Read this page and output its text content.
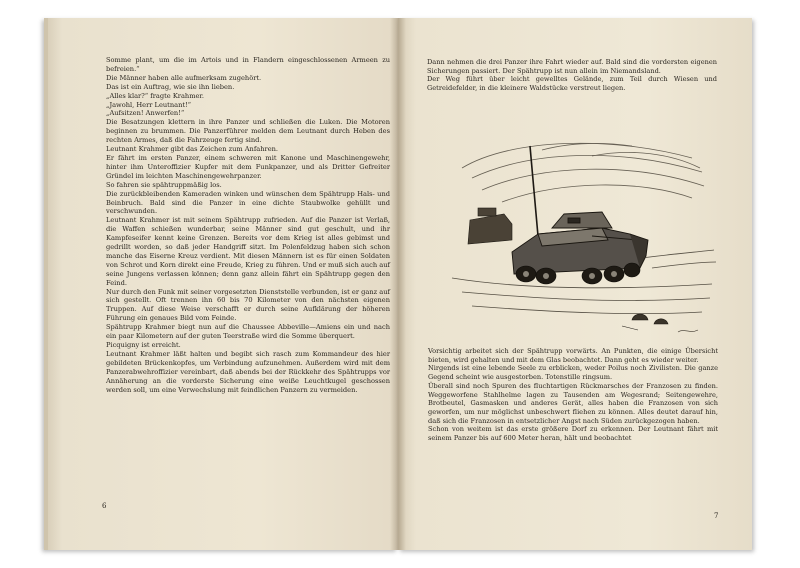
Somme plant, um die im Artois und in Flandern eingeschlossenen Armeen zu befreien.“

Die Männer haben alle aufmerksam zugehört.

Das ist ein Auftrag, wie sie ihn lieben.

„Alles klar?“ fragte Krahmer.

„Jawohl, Herr Leutnant!“

„Aufsitzen! Anwerfen!“

Die Besatzungen klettern in ihre Panzer und schließen die Luken. Die Motoren beginnen zu brummen. Die Panzerführer melden dem Leutnant durch Heben des rechten Armes, daß die Fahrzeuge fertig sind.

Leutnant Krahmer gibt das Zeichen zum Anfahren.

Er fährt im ersten Panzer, einem schweren mit Kanone und Maschinengewehr, hinter ihm Unteroffizier Kupfer mit dem Funkpanzer, und als Dritter Gefreiter Gründel im leichten Maschinengewehrpanzer.

So fahren sie spähtruppmäßig los.

Die zurückbleibenden Kameraden winken und wünschen dem Spähtrupp Hals- und Beinbruch. Bald sind die Panzer in eine dichte Staubwolke gehüllt und verschwunden.

Leutnant Krahmer ist mit seinem Spähtrupp zufrieden. Auf die Panzer ist Verlaß, die Waffen schießen wunderbar, seine Männer sind gut geschult, und ihr Kampfeseifer kennt keine Grenzen. Bereits vor dem Krieg ist alles gebimst und gedrillt worden, so daß jeder Handgriff sitzt. Im Polenfeldzug haben sich schon manche das Eiserne Kreuz verdient. Mit diesen Männern ist es für einen Soldaten von Schrot und Korn direkt eine Freude, Krieg zu führen. Und er muß sich auch auf seine Jungens verlassen können; denn ganz allein fährt ein Spähtrupp gegen den Feind.

Nur durch den Funk mit seiner vorgesetzten Dienststelle verbunden, ist er ganz auf sich gestellt. Oft trennen ihn 60 bis 70 Kilometer von den nächsten eigenen Truppen. Auf diese Weise verschafft er durch seine Aufklärung der höheren Führung ein genaues Bild vom Feinde.

Spähtrupp Krahmer biegt nun auf die Chaussee Abbeville—Amiens ein und nach ein paar Kilometern auf der guten Teerstraße wird die Somme überquert.

Picquigny ist erreicht.

Leutnant Krahmer läßt halten und begibt sich rasch zum Kommandeur des hier gebildeten Brückenkopfes, um Verbindung aufzunehmen. Außerdem wird mit dem Panzerabwehroffizier vereinbart, daß abends bei der Rückkehr des Spähtrupps vor Annäherung an die vorderste Sicherung eine weiße Leuchtkugel geschossen werden soll, um eine Verwechslung mit feindlichen Panzern zu vermeiden.

6

Dann nehmen die drei Panzer ihre Fahrt wieder auf. Bald sind die vordersten eigenen Sicherungen passiert. Der Spähtrupp ist nun allein im Niemandsland.

Der Weg führt über leicht gewelltes Gelände, zum Teil durch Wiesen und Getreidefelder, in die kleinere Waldstücke verstreut liegen.

Vorsichtig arbeitet sich der Spähtrupp vorwärts. An Punkten, die einige Übersicht bieten, wird gehalten und mit dem Glas beobachtet. Dann geht es wieder weiter.

Nirgends ist eine lebende Seele zu erblicken, weder Poilus noch Zivilisten. Die ganze Gegend scheint wie ausgestorben. Totenstille ringsum.

Überall sind noch Spuren des fluchtartigen Rückmarsches der Franzosen zu finden. Weggeworfene Stahlhelme lagen zu Tausenden am Wegesrand; Seitengewehre, Brotbeutel, Gasmasken und anderes Gerät, alles haben die Franzosen von sich geworfen, um nur möglichst unbeschwert fliehen zu können. Alles deutet darauf hin, daß sich die Franzosen in entsetzlicher Angst nach Süden zurückgezogen haben.

Schon von weitem ist das erste größere Dorf zu erkennen. Der Leutnant fährt mit seinem Panzer bis auf 600 Meter heran, hält und beobachtet

7
